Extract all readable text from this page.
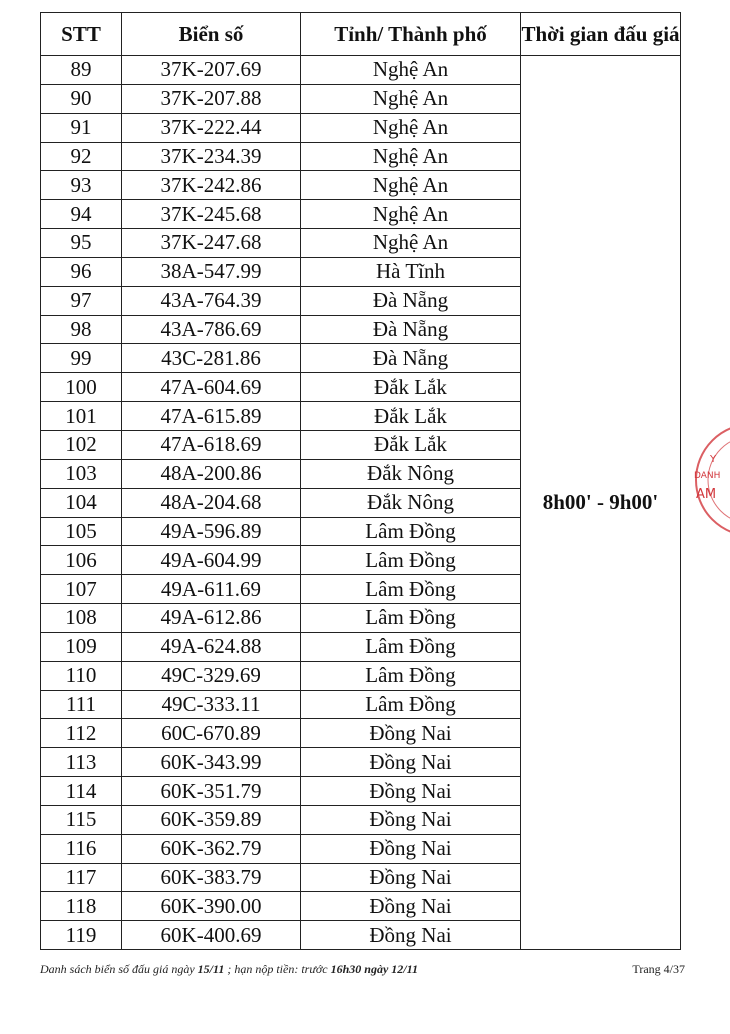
STT	Biển số	Tỉnh/ Thành phố	Thời gian đấu giá
89	37K-207.69	Nghệ An	8h00' - 9h00'
90	37K-207.88	Nghệ An	
91	37K-222.44	Nghệ An	
92	37K-234.39	Nghệ An	
93	37K-242.86	Nghệ An	
94	37K-245.68	Nghệ An	
95	37K-247.68	Nghệ An	
96	38A-547.99	Hà Tĩnh	
97	43A-764.39	Đà Nẵng	
98	43A-786.69	Đà Nẵng	
99	43C-281.86	Đà Nẵng	
100	47A-604.69	Đắk Lắk	
101	47A-615.89	Đắk Lắk	
102	47A-618.69	Đắk Lắk	
103	48A-200.86	Đắk Nông	
104	48A-204.68	Đắk Nông	
105	49A-596.89	Lâm Đồng	
106	49A-604.99	Lâm Đồng	
107	49A-611.69	Lâm Đồng	
108	49A-612.86	Lâm Đồng	
109	49A-624.88	Lâm Đồng	
110	49C-329.69	Lâm Đồng	
111	49C-333.11	Lâm Đồng	
112	60C-670.89	Đồng Nai	
113	60K-343.99	Đồng Nai	
114	60K-351.79	Đồng Nai	
115	60K-359.89	Đồng Nai	
116	60K-362.79	Đồng Nai	
117	60K-383.79	Đồng Nai	
118	60K-390.00	Đồng Nai	
119	60K-400.69	Đồng Nai	
Danh sách biển số đấu giá ngày 15/11 ; hạn nộp tiền: trước 16h30 ngày 12/11	Trang 4/37
Y
DANH
AM
